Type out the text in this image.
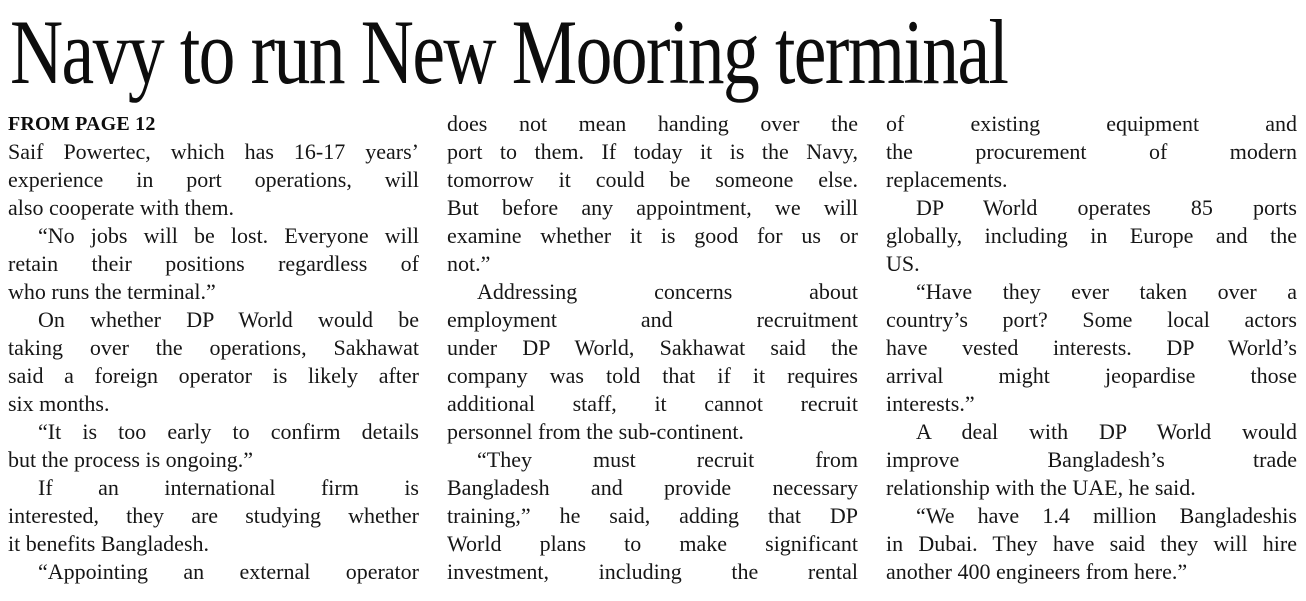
Navy to run New Mooring terminal
FROM PAGE 12
Saif Powertec, which has 16-17 years’
experience in port operations, will
also cooperate with them.
“No jobs will be lost. Everyone will
retain their positions regardless of
who runs the terminal.”
On whether DP World would be
taking over the operations, Sakhawat
said a foreign operator is likely after
six months.
“It is too early to confirm details
but the process is ongoing.”
If an international firm is
interested, they are studying whether
it benefits Bangladesh.
“Appointing an external operator
does not mean handing over the
port to them. If today it is the Navy,
tomorrow it could be someone else.
But before any appointment, we will
examine whether it is good for us or
not.”
Addressing concerns about
employment and recruitment
under DP World, Sakhawat said the
company was told that if it requires
additional staff, it cannot recruit
personnel from the sub-continent.
“They must recruit from
Bangladesh and provide necessary
training,” he said, adding that DP
World plans to make significant
investment, including the rental
of existing equipment and
the procurement of modern
replacements.
DP World operates 85 ports
globally, including in Europe and the
US.
“Have they ever taken over a
country’s port? Some local actors
have vested interests. DP World’s
arrival might jeopardise those
interests.”
A deal with DP World would
improve Bangladesh’s trade
relationship with the UAE, he said.
“We have 1.4 million Bangladeshis
in Dubai. They have said they will hire
another 400 engineers from here.”
